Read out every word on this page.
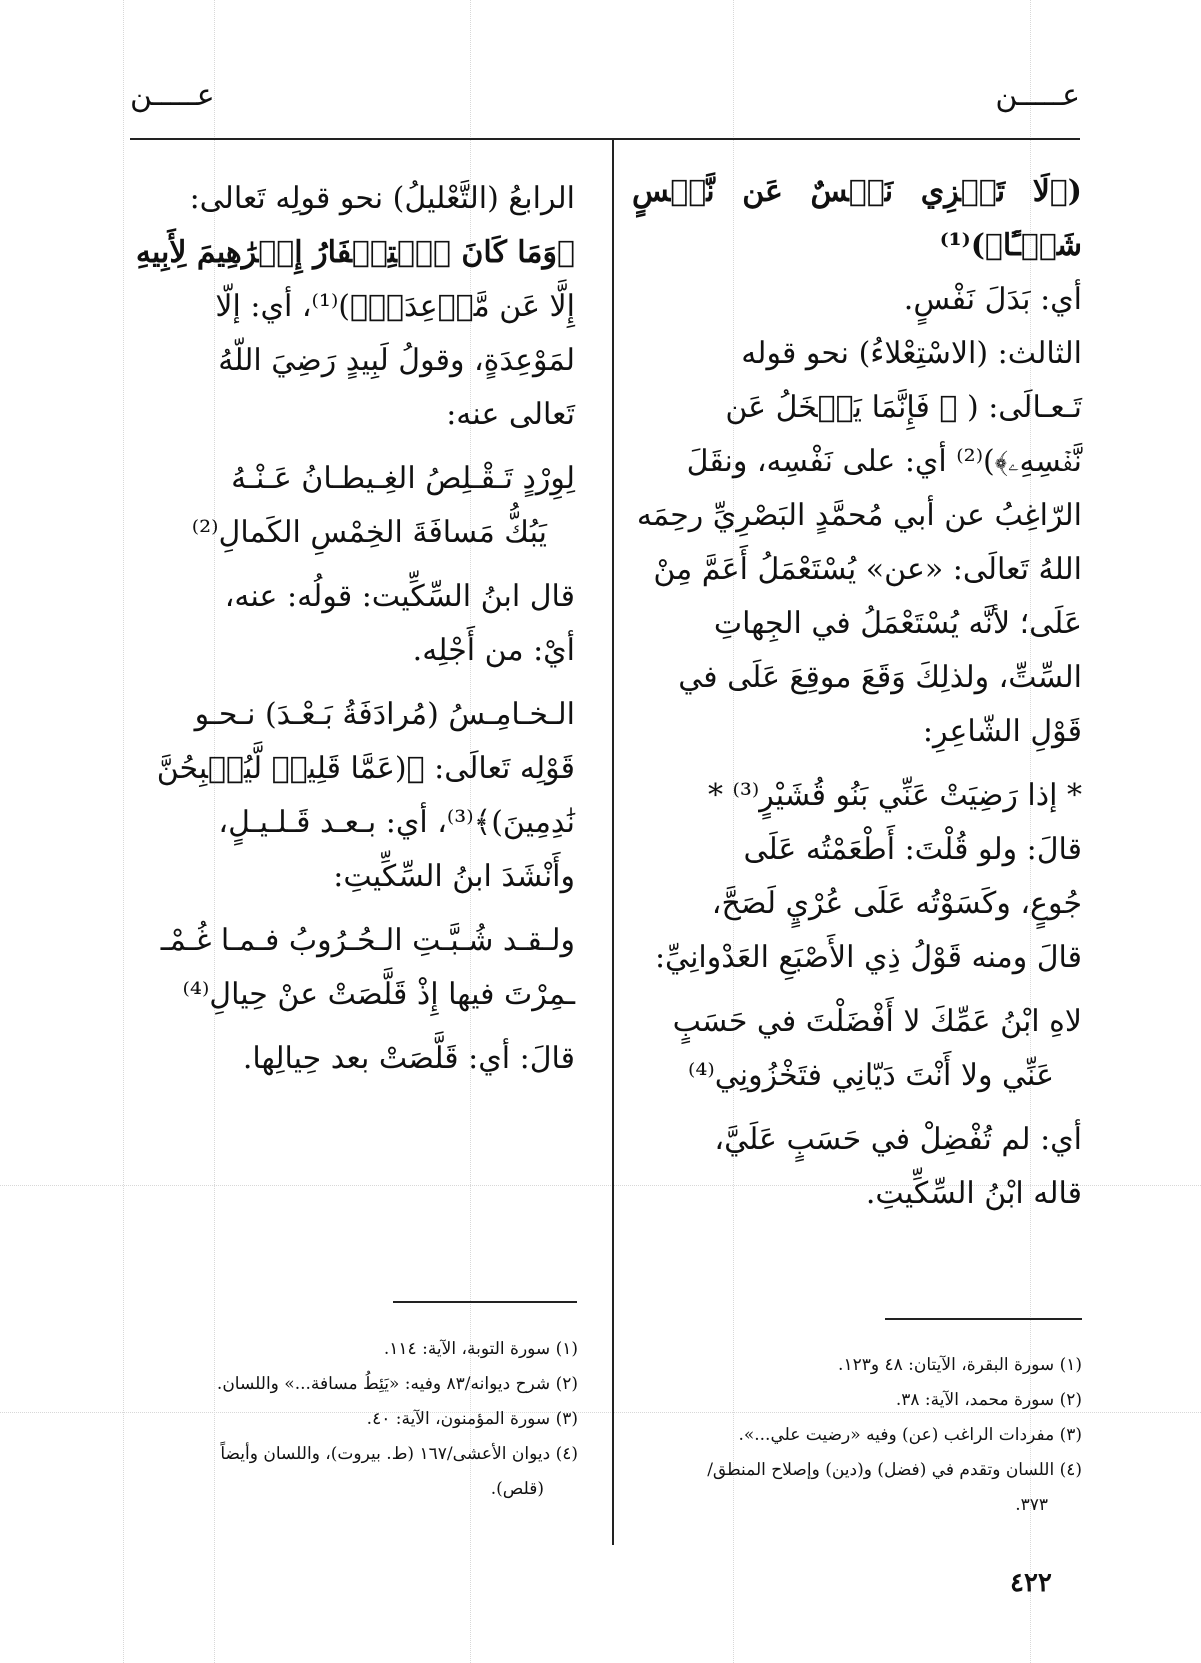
عـــــن
عـــــن

(﴿لَا تَجۡزِي نَفۡسٌ عَن نَّفۡسٍ شَيۡـًٔا﴾)⁽¹⁾

أي: بَدَلَ نَفْسٍ.

الثالث: (الاسْتِعْلاءُ) نحو قوله

تَـعـالَى: ( ﴿ فَإِنَّمَا يَبۡخَلُ عَن

نَّفۡسِهِۦ﴾)⁽²⁾ أي: على نَفْسِه، ونقَلَ

الرّاغِبُ عن أبي مُحمَّدٍ البَصْرِيِّ رحِمَه

اللهُ تَعالَى: «عن» يُسْتَعْمَلُ أَعَمَّ مِنْ

عَلَى؛ لأنَّه يُسْتَعْمَلُ في الجِهاتِ

السِّتِّ، ولذلِكَ وَقَعَ موقِعَ عَلَى في

قَوْلِ الشّاعِرِ:

* إذا رَضِيَتْ عَنِّي بَنُو قُشَيْرٍ⁽³⁾ *

قالَ: ولو قُلْتَ: أَطْعَمْتُه عَلَى

جُوعٍ، وكَسَوْتُه عَلَى عُرْيٍ لَصَحَّ،

قالَ ومنه قَوْلُ ذِي الأَصْبَعِ العَدْوانِيِّ:

لاهِ ابْنُ عَمِّكَ لا أَفْضَلْتَ في حَسَبٍ

عَنِّي ولا أَنْتَ دَيّانِي فتَخْزُونِي⁽⁴⁾

أي: لم تُفْضِلْ في حَسَبٍ عَلَيَّ،

قاله ابْنُ السِّكِّيتِ.

الرابعُ (التَّعْليلُ) نحو قولِه تَعالى:

﴿وَمَا كَانَ ٱسۡتِغۡفَارُ إِبۡرَٰهِيمَ لِأَبِيهِ

إِلَّا عَن مَّوۡعِدَةٖ﴾)⁽¹⁾، أي: إلّا

لمَوْعِدَةٍ، وقولُ لَبِيدٍ رَضِيَ اللّهُ

تَعالى عنه:

لِوِرْدٍ تَـقْـلِصُ الغِـيطـانُ عَـنْـهُ

يَبُكُّ مَسافَةَ الخِمْسِ الكَمالِ⁽²⁾

قال ابنُ السِّكِّيت: قولُه: عنه،

أيْ: من أَجْلِه.

الـخـامِـسُ (مُرادَفَةُ بَـعْـدَ) نـحـو

قَوْلِه تَعالَى: ﴿(عَمَّا قَلِيلٖ لَّيُصۡبِحُنَّ

نَٰدِمِينَ)﴾⁽³⁾، أي: بـعـد قَـلـيـلٍ،

وأَنْشَدَ ابنُ السِّكِّيتِ:

ولـقـد شُـبَّـتِ الـحُـرُوبُ فـمـا غُـمْـ

ـمِرْتَ فيها إِذْ قَلَّصَتْ عنْ حِيالِ⁽⁴⁾

قالَ: أي: قَلَّصَتْ بعد حِيالِها.

(١) سورة البقرة، الآيتان: ٤٨ و١٢٣.
(٢) سورة محمد، الآية: ٣٨.
(٣) مفردات الراغب (عن) وفيه «رضيت علي...».
(٤) اللسان وتقدم في (فضل) و(دين) وإصلاح المنطق/
٣٧٣.
(١) سورة التوبة، الآية: ١١٤.
(٢) شرح ديوانه/٨٣ وفيه: «يَئِطُ مسافة...» واللسان.
(٣) سورة المؤمنون، الآية: ٤٠.
(٤) ديوان الأعشى/١٦٧ (ط. بيروت)، واللسان وأيضاً
(قلص).
٤٢٢
